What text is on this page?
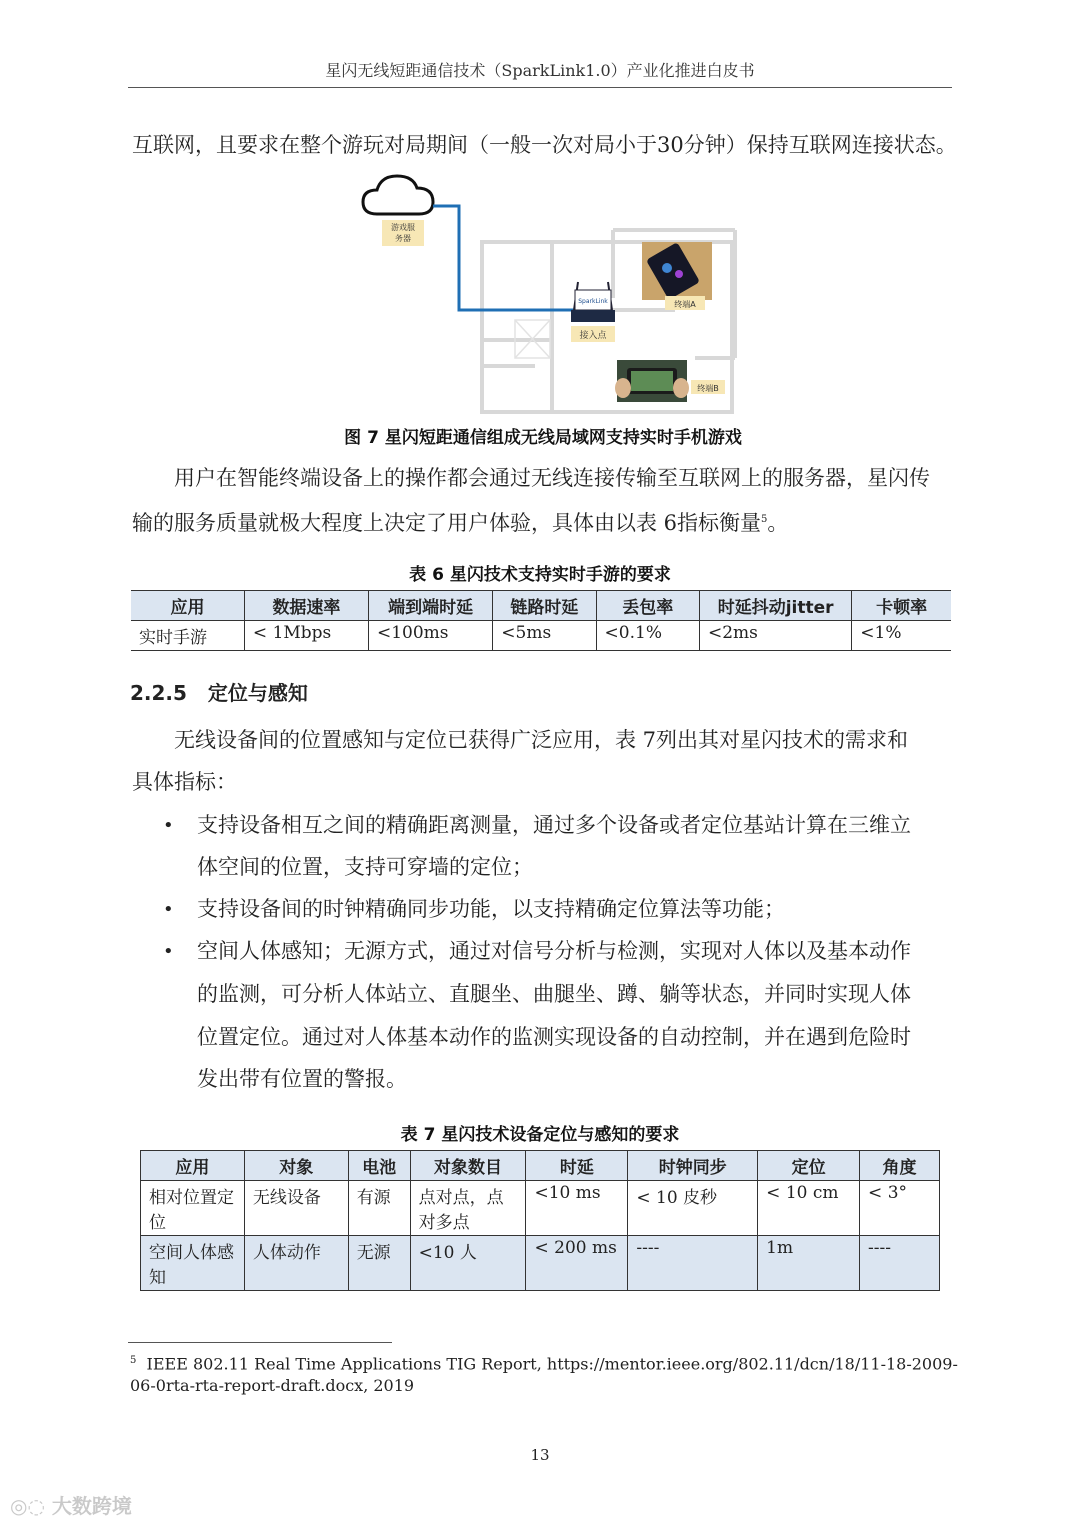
星闪无线短距通信技术（SparkLink1.0）产业化推进白皮书
互联网，且要求在整个游玩对局期间（一般一次对局小于30分钟）保持互联网连接状态。
游戏服
务器
SparkLink
接入点
终端A
终端B
图 7 星闪短距通信组成无线局域网支持实时手机游戏
用户在智能终端设备上的操作都会通过无线连接传输至互联网上的服务器，星闪传
输的服务质量就极大程度上决定了用户体验，具体由以表 6指标衡量$^5$。
表 6 星闪技术支持实时手游的要求
应用	数据速率	端到端时延	链路时延	丢包率	时延抖动jitter	卡顿率
实时手游	< 1Mbps	<100ms	<5ms	<0.1%	<2ms	<1%
2.2.5 定位与感知
无线设备间的位置感知与定位已获得广泛应用，表 7列出其对星闪技术的需求和
具体指标：
• 支持设备相互之间的精确距离测量，通过多个设备或者定位基站计算在三维立
体空间的位置，支持可穿墙的定位；
• 支持设备间的时钟精确同步功能，以支持精确定位算法等功能；
• 空间人体感知；无源方式，通过对信号分析与检测，实现对人体以及基本动作
的监测，可分析人体站立、直腿坐、曲腿坐、蹲、躺等状态，并同时实现人体
位置定位。通过对人体基本动作的监测实现设备的自动控制，并在遇到危险时
发出带有位置的警报。
表 7 星闪技术设备定位与感知的要求
应用	对象	电池	对象数目	时延	时钟同步	定位	角度
相对位置定位	无线设备	有源	点对点，点对多点	<10 ms	< 10 皮秒	< 10 cm	< 3°
空间人体感知	人体动作	无源	<10 人	< 200 ms	----	1m	----
$^5$ IEEE 802.11 Real Time Applications TIG Report, https://mentor.ieee.org/802.11/dcn/18/11-18-2009-06-0rta-rta-report-draft.docx, 2019
13
◎◌ 大数跨境
